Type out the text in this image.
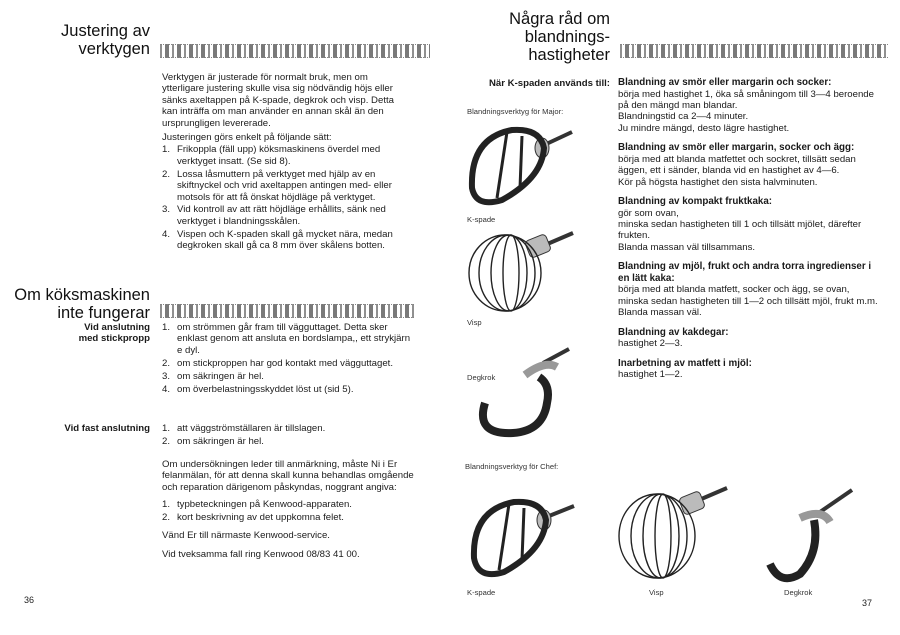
Justering av
verktygen

Verktygen är justerade för normalt bruk, men om ytterligare justering skulle visa sig nödvändig höjs eller sänks axeltappen på K-spade, degkrok och visp. Detta kan inträffa om man använder en annan skål än den ursprungligen levererade.

Justeringen görs enkelt på följande sätt:

1. Frikoppla (fäll upp) köksmaskinens överdel med verktyget insatt. (Se sid 8).
2. Lossa låsmuttern på verktyget med hjälp av en skiftnyckel och vrid axeltappen antingen med- eller motsols för att få önskat höjdläge på verktyget.
3. Vid kontroll av att rätt höjdläge erhållits, sänk ned verktyget i blandningsskålen.
4. Vispen och K-spaden skall gå mycket nära, medan degkroken skall gå ca 8 mm över skålens botten.
Om köksmaskinen
inte fungerar
Vid anslutning
med stickpropp
1. om strömmen går fram till vägguttaget. Detta sker enklast genom att ansluta en bordslampa,, ett strykjärn e dyl.
2. om stickproppen har god kontakt med vägguttaget.
3. om säkringen är hel.
4. om överbelastningsskyddet löst ut (sid 5).
Vid fast anslutning 1. att väggströmställaren är tillslagen.
2. om säkringen är hel.

Om undersökningen leder till anmärkning, måste Ni i Er felanmälan, för att denna skall kunna behandlas omgående och reparation därigenom påskyndas, noggrant angiva:

1. typbeteckningen på Kenwood-apparaten.
2. kort beskrivning av det uppkomna felet.

Vänd Er till närmaste Kenwood-service.

Vid tveksamma fall ring Kenwood 08/83 41 00.

36
Några råd om
blandnings-
hastigheter
När K-spaden används till:
Blandningsverktyg för Major:
K-spade
Visp
Degkrok
Blandningsverktyg för Chef:
K-spade	Visp	Degkrok

Blandning av smör eller margarin och socker:

börja med hastighet 1, öka så småningom till 3—4 beroende på den mängd man blandar.

Blandningstid ca 2—4 minuter.

Ju mindre mängd, desto lägre hastighet.

Blandning av smör eller margarin, socker och ägg:

börja med att blanda matfettet och sockret, tillsätt sedan äggen, ett i sänder, blanda vid en hastighet av 4—6.

Kör på högsta hastighet den sista halvminuten.

Blandning av kompakt fruktkaka:

gör som ovan,

minska sedan hastigheten till 1 och tillsätt mjölet, därefter frukten.

Blanda massan väl tillsammans.

Blandning av mjöl, frukt och andra torra ingredienser i en lätt kaka:

börja med att blanda matfett, socker och ägg, se ovan,

minska sedan hastigheten till 1—2 och tillsätt mjöl, frukt m.m.

Blanda massan väl.

Blandning av kakdegar:

hastighet 2—3.

Inarbetning av matfett i mjöl:

hastighet 1—2.

37
